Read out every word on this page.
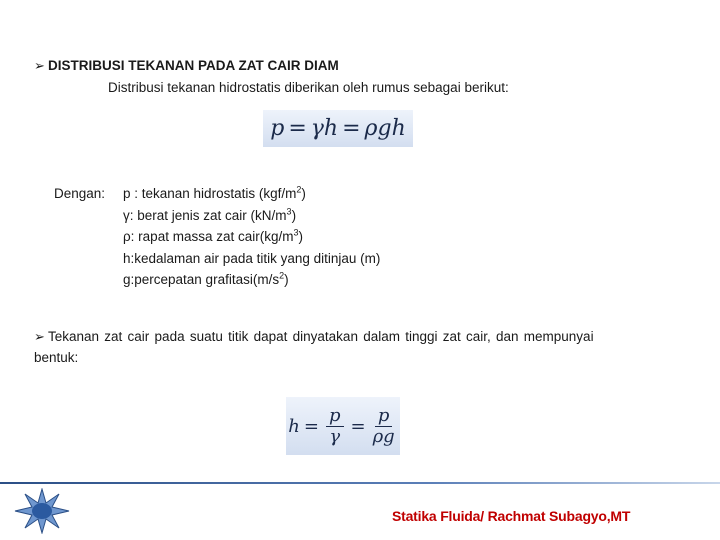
➢ DISTRIBUSI TEKANAN PADA ZAT CAIR DIAM
Distribusi tekanan hidrostatis diberikan oleh rumus sebagai berikut:
p = γh = ρgh
Dengan: p : tekanan hidrostatis $(kgf/m^2)$
γ: berat jenis zat cair $(kN/m^3)$
ρ: rapat massa zat $cair(kg/m^3)$
h:kedalaman air pada titik yang ditinjau (m)
g:percepatan $grafitasi(m/s^2)$
➢ Tekanan zat cair pada suatu titik dapat dinyatakan dalam tinggi zat cair, dan mempunyai bentuk:
$h = \frac{p}{\gamma} = \frac{p}{\rho g}$
Statika Fluida/ Rachmat Subagyo,MT
